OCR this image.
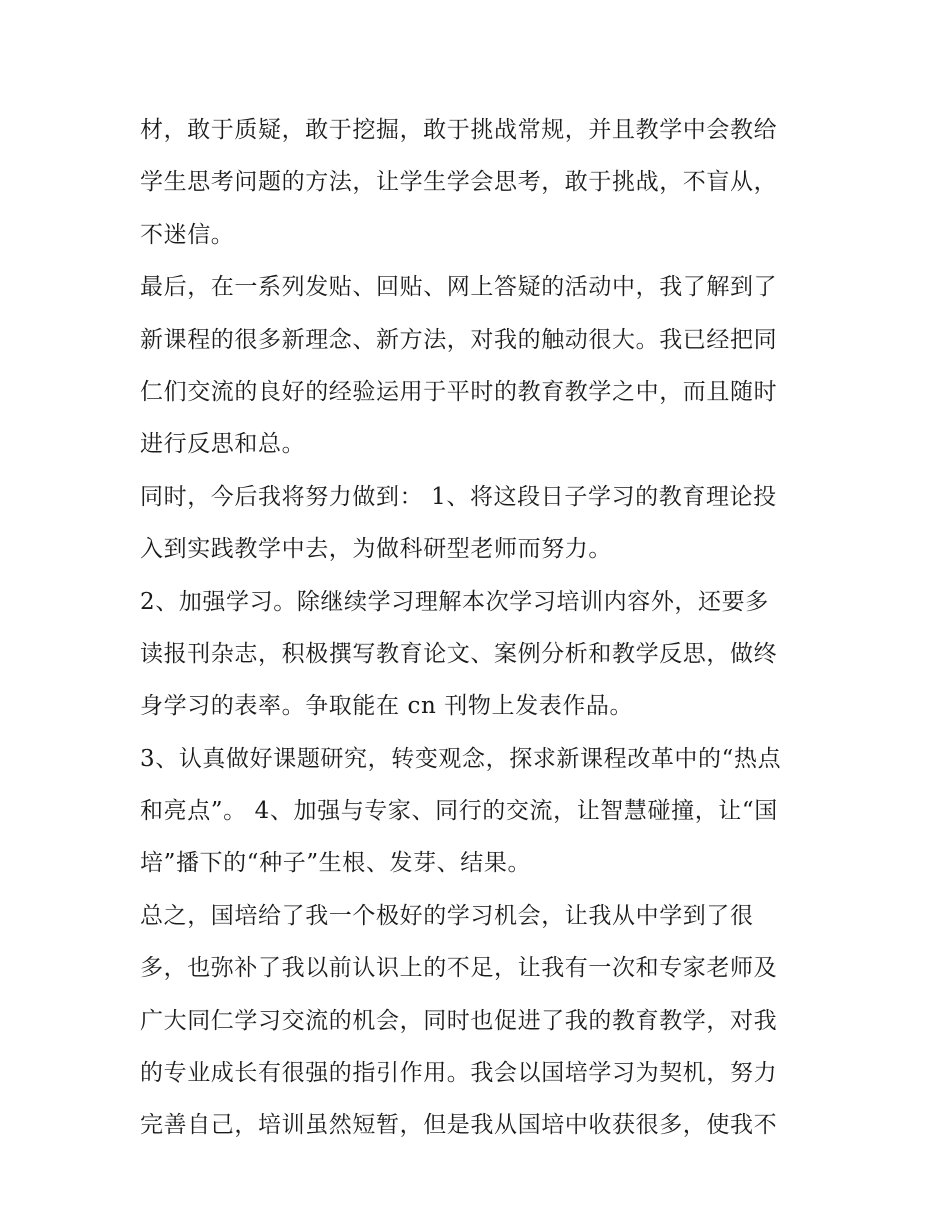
材，敢于质疑，敢于挖掘，敢于挑战常规，并且教学中会教给
学生思考问题的方法，让学生学会思考，敢于挑战，不盲从，
不迷信。
最后，在一系列发贴、回贴、网上答疑的活动中，我了解到了
新课程的很多新理念、新方法，对我的触动很大。我已经把同
仁们交流的良好的经验运用于平时的教育教学之中，而且随时
进行反思和总。
同时，今后我将努力做到： 1、将这段日子学习的教育理论投
入到实践教学中去，为做科研型老师而努力。
2、加强学习。除继续学习理解本次学习培训内容外，还要多
读报刊杂志，积极撰写教育论文、案例分析和教学反思，做终
身学习的表率。争取能在 cn 刊物上发表作品。
3、认真做好课题研究，转变观念，探求新课程改革中的“热点
和亮点”。 4、加强与专家、同行的交流，让智慧碰撞，让“国
培”播下的“种子”生根、发芽、结果。
总之，国培给了我一个极好的学习机会，让我从中学到了很
多，也弥补了我以前认识上的不足，让我有一次和专家老师及
广大同仁学习交流的机会，同时也促进了我的教育教学，对我
的专业成长有很强的指引作用。我会以国培学习为契机，努力
完善自己，培训虽然短暂，但是我从国培中收获很多，使我不
